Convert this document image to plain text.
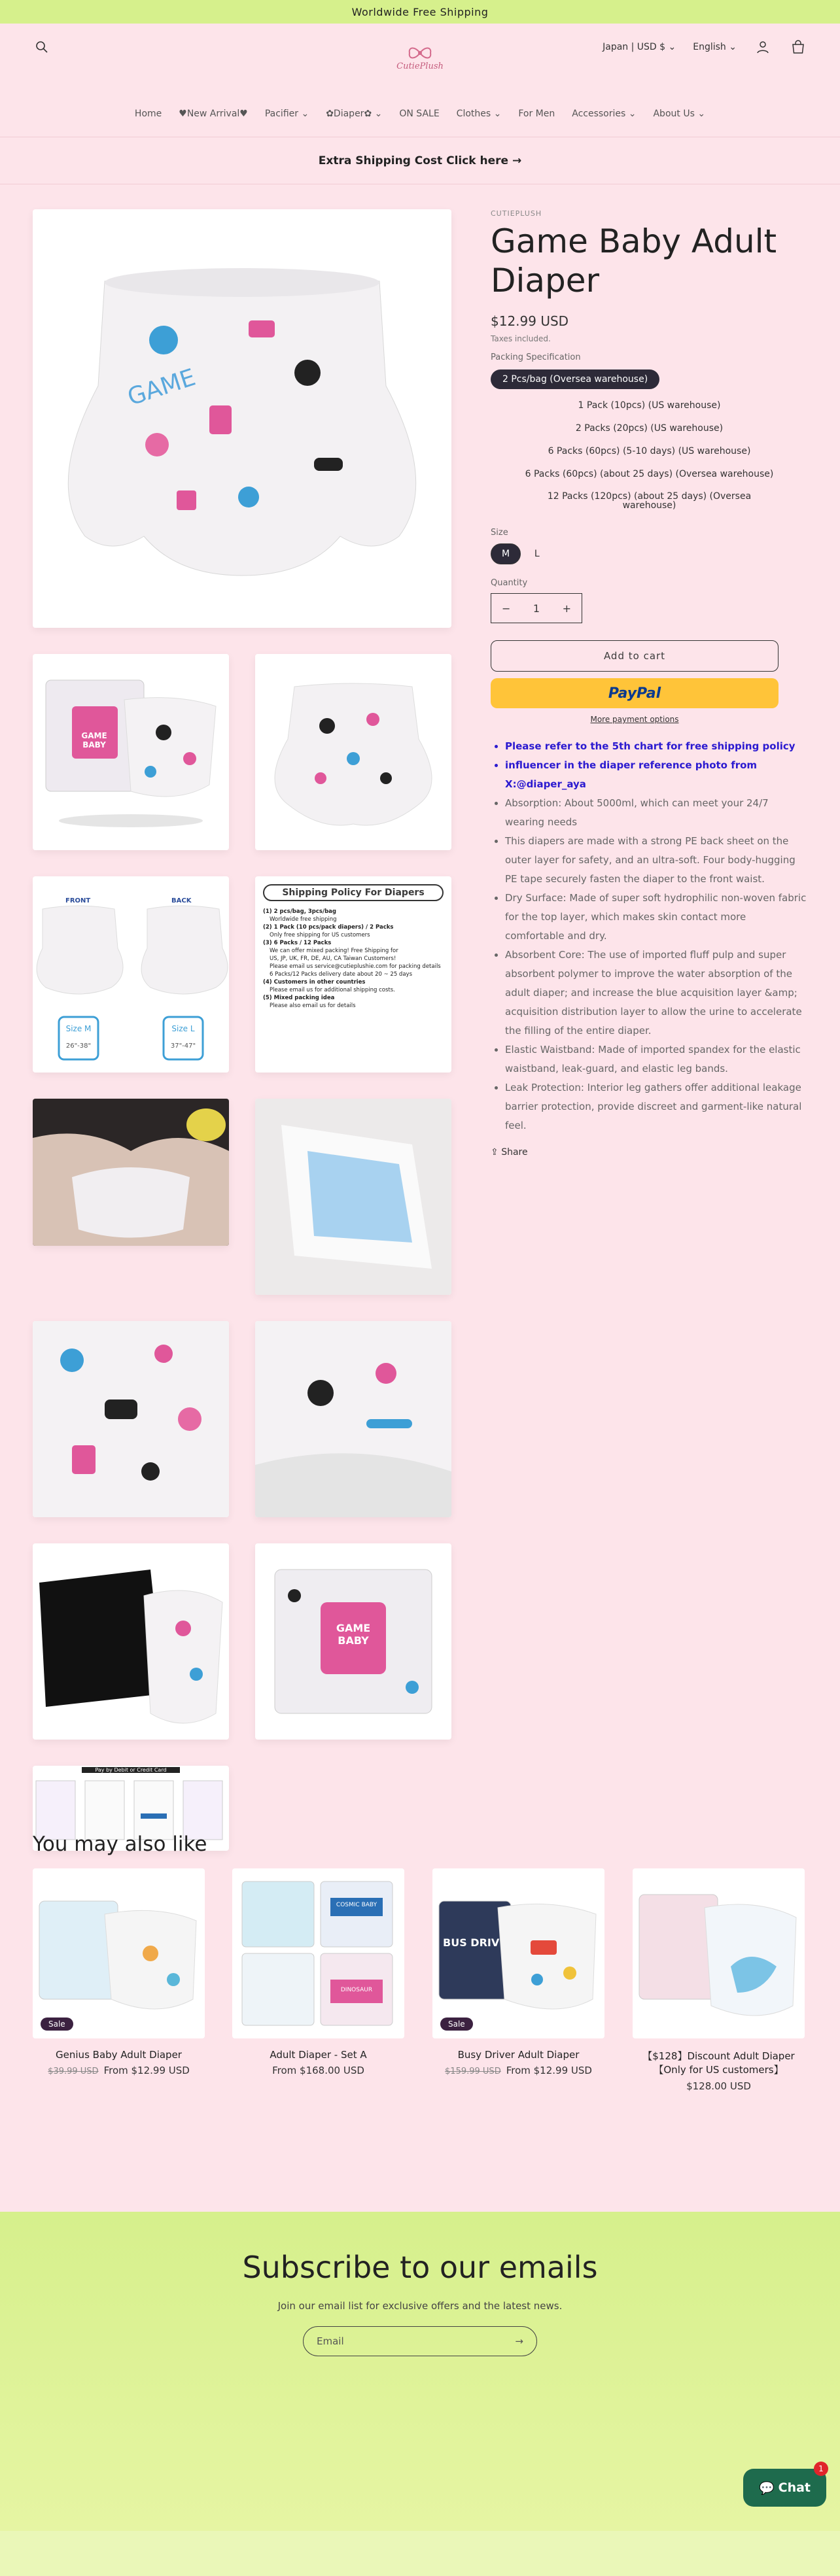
Worldwide Free Shipping
Japan | USD $ ⌄ English ⌄
CutiePlush
Home ♥New Arrival♥ Pacifier ⌄ ✿Diaper✿ ⌄ ON SALE Clothes ⌄ For Men Accessories ⌄ About Us ⌄
Extra Shipping Cost Click here →
GAME
GAME BABY
FRONT	BACK
Size M
26"-38"
Size L
37"-47"
Shipping Policy For Diapers
(1) 2 pcs/bag, 3pcs/bag
Worldwide free shipping
(2) 1 Pack (10 pcs/pack diapers) / 2 Packs
Only free shipping for US customers
(3) 6 Packs / 12 Packs
We can offer mixed packing! Free Shipping for
US, JP, UK, FR, DE, AU, CA Taiwan Customers!
Please email us service@cutieplushie.com for packing details
6 Packs/12 Packs delivery date about 20 ~ 25 days
(4) Customers in other countries
Please email us for additional shipping costs.
(5) Mixed packing idea
Please also email us for details
GAME BABY
Pay by Debit or Credit Card
CUTIEPLUSH
Game Baby Adult Diaper
$12.99 USD
Taxes included.
Packing Specification
2 Pcs/bag (Oversea warehouse)
1 Pack (10pcs) (US warehouse)
2 Packs (20pcs) (US warehouse)
6 Packs (60pcs) (5-10 days) (US warehouse)
6 Packs (60pcs) (about 25 days) (Oversea warehouse)
12 Packs (120pcs) (about 25 days) (Oversea warehouse)
Size
M	L
Quantity
− 1 +
Add to cart
PayPal
More payment options
• Please refer to the 5th chart for free shipping policy
• influencer in the diaper reference photo from X:@diaper_aya
• Absorption: About 5000ml, which can meet your 24/7 wearing needs
• This diapers are made with a strong PE back sheet on the outer layer for safety, and an ultra-soft. Four body-hugging PE tape securely fasten the diaper to the front waist.
• Dry Surface: Made of super soft hydrophilic non-woven fabric for the top layer, which makes skin contact more comfortable and dry.
• Absorbent Core: The use of imported fluff pulp and super absorbent polymer to improve the water absorption of the adult diaper; and increase the blue acquisition layer &amp; acquisition distribution layer to allow the urine to accelerate the filling of the entire diaper.
• Elastic Waistband: Made of imported spandex for the elastic waistband, leak-guard, and elastic leg bands.
• Leak Protection: Interior leg gathers offer additional leakage barrier protection, provide discreet and garment-like natural feel.
⇪ Share
You may also like
Sale
Genius Baby Adult Diaper
$39.99 USD From $12.99 USD
COSMIC BABY
DINOSAUR
Adult Diaper - Set A
From $168.00 USD
BUS DRIV
Sale
Busy Driver Adult Diaper
$159.99 USD From $12.99 USD
【$128】Discount Adult Diaper【Only for US customers】
$128.00 USD
Subscribe to our emails
Join our email list for exclusive offers and the latest news.
Email	→
💬 Chat
1
